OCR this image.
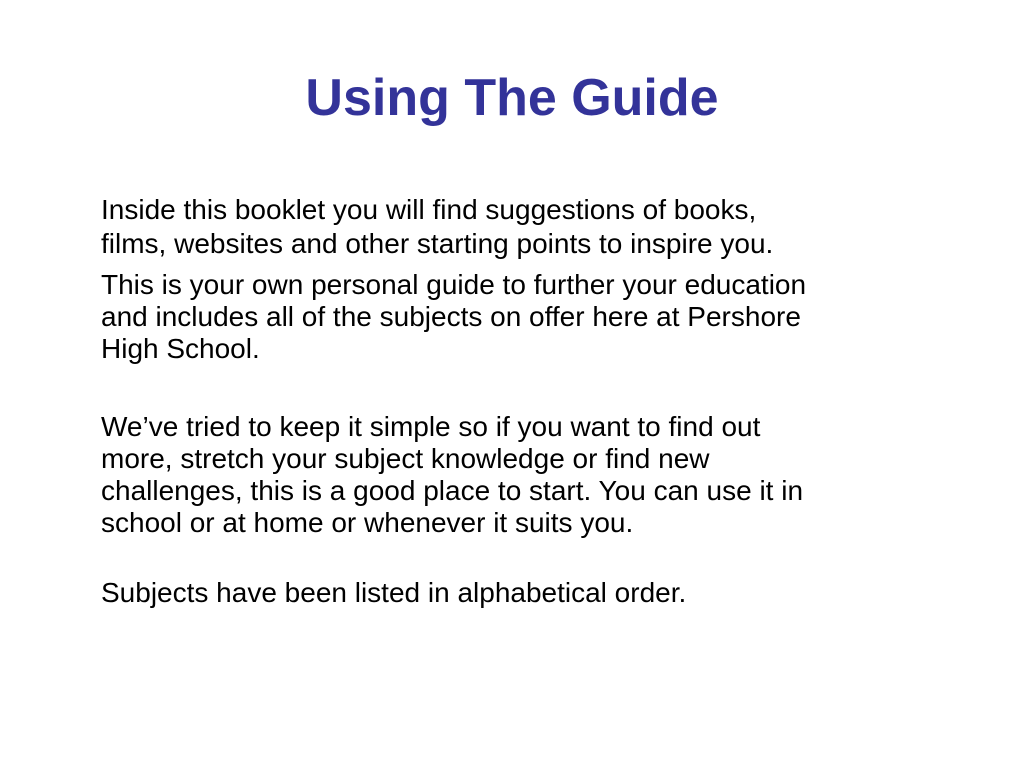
Using The Guide

Inside this booklet you will find suggestions of books,
films, websites and other starting points to inspire you.

This is your own personal guide to further your education
and includes all of the subjects on offer here at Pershore
High School.

We’ve tried to keep it simple so if you want to find out
more, stretch your subject knowledge or find new
challenges, this is a good place to start. You can use it in
school or at home or whenever it suits you.

Subjects have been listed in alphabetical order.
